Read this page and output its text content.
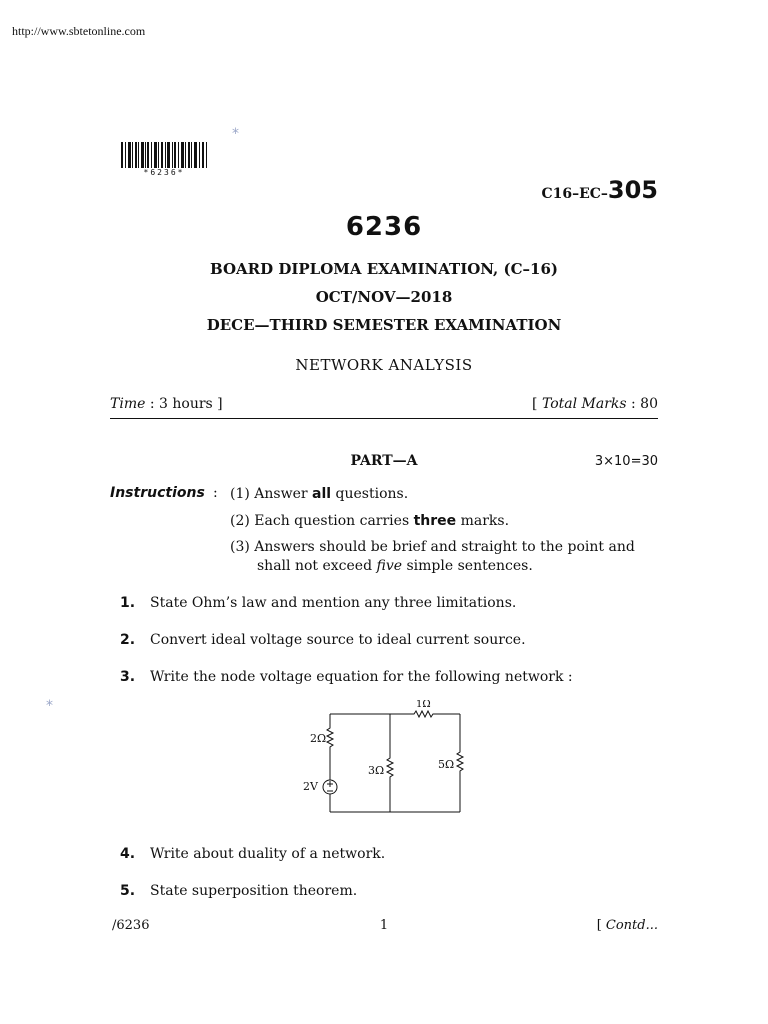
http://www.sbtetonline.com
*
*
*6236*
C16–EC–305
6236
BOARD DIPLOMA EXAMINATION, (C–16)
OCT/NOV—2018
DECE—THIRD SEMESTER EXAMINATION
NETWORK ANALYSIS
Time : 3 hours ]	[ Total Marks : 80
PART—A	3×10=30
Instructions : (1) Answer all questions.
(2) Each question carries three marks.
(3) Answers should be brief and straight to the point and
shall not exceed five simple sentences.
1. State Ohm’s law and mention any three limitations.
2. Convert ideal voltage source to ideal current source.
3. Write the node voltage equation for the following network :
1Ω
2Ω
3Ω	5Ω
2V
4. Write about duality of a network.
5. State superposition theorem.
/6236	1	[ Contd...
